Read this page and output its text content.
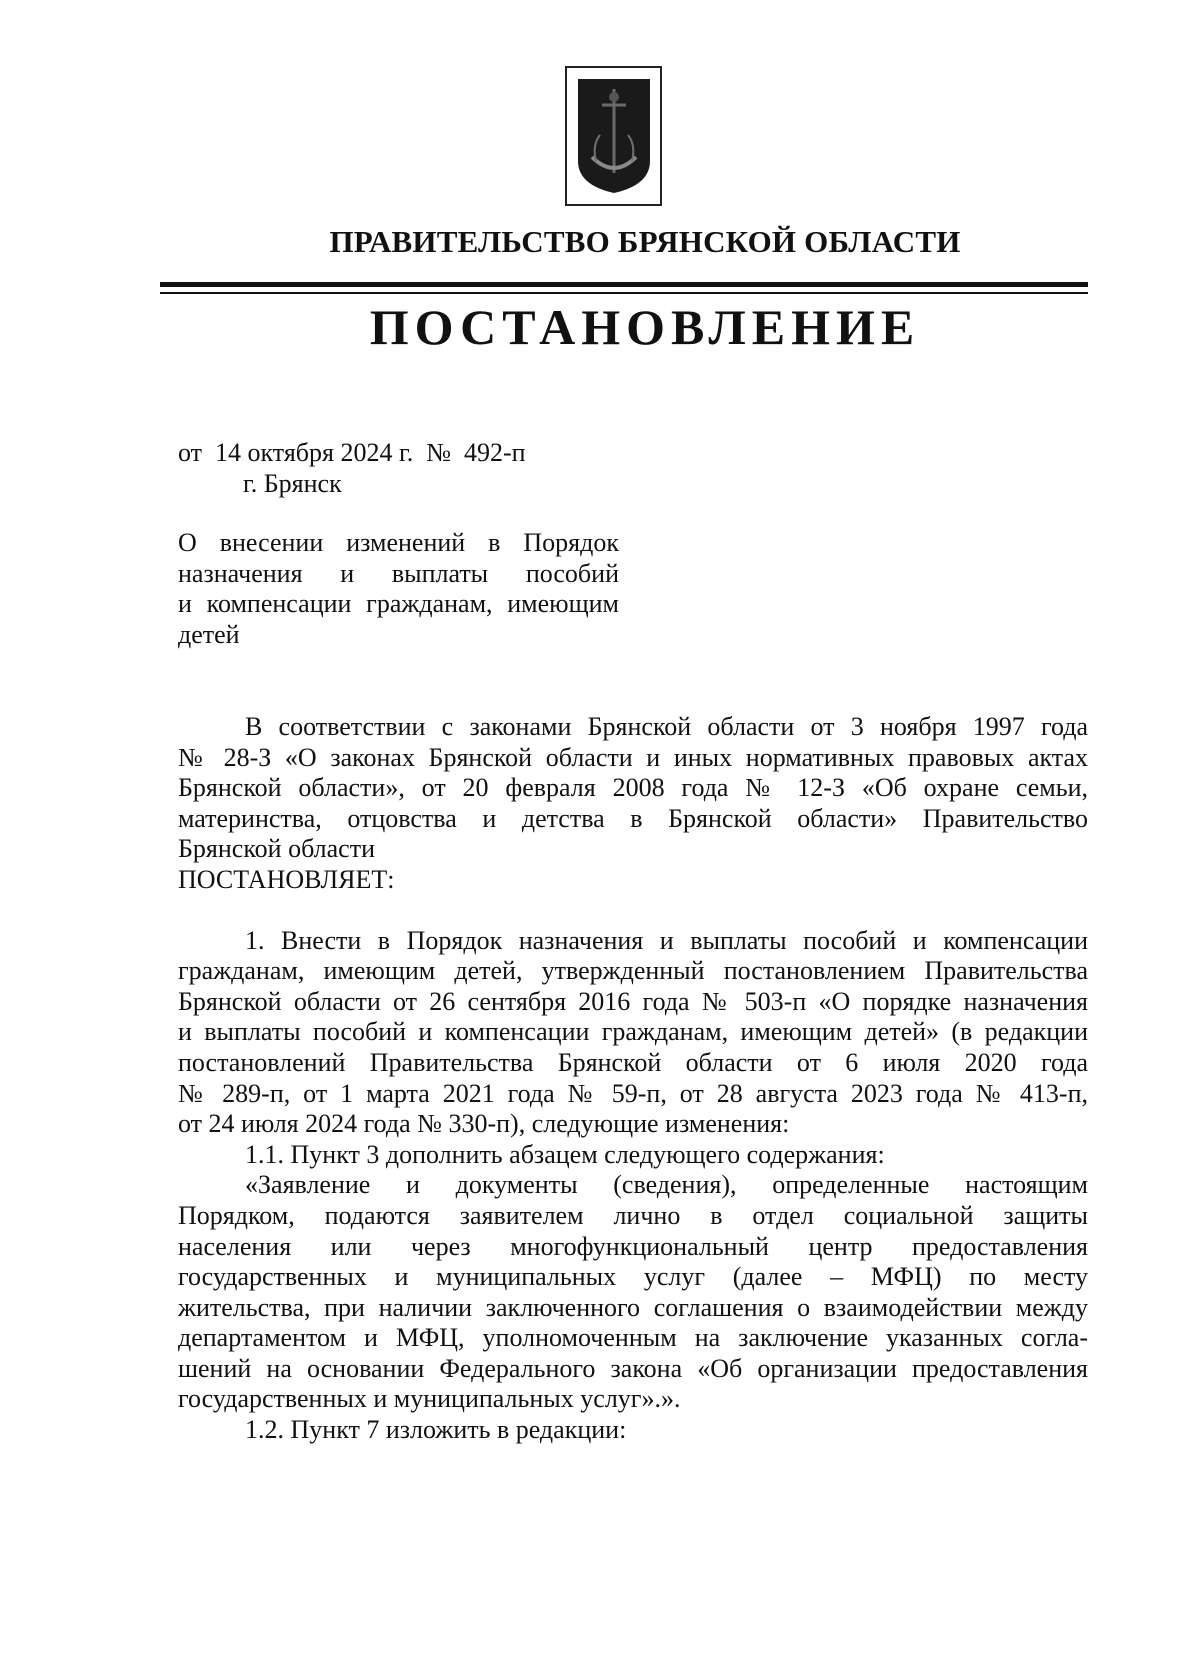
ПРАВИТЕЛЬСТВО БРЯНСКОЙ ОБЛАСТИ
ПОСТАНОВЛЕНИЕ
от  14 октября 2024 г.  №  492-п
г. Брянск
О внесении изменений в Порядок
назначения и выплаты пособий
и компенсации гражданам, имеющим
детей
В соответствии с законами Брянской области от 3 ноября 1997 года
№ 28-З «О законах Брянской области и иных нормативных правовых актах
Брянской области», от 20 февраля 2008 года № 12-З «Об охране семьи,
материнства, отцовства и детства в Брянской области» Правительство
Брянской области
ПОСТАНОВЛЯЕТ:
1. Внести в Порядок назначения и выплаты пособий и компенсации
гражданам, имеющим детей, утвержденный постановлением Правительства
Брянской области от 26 сентября 2016 года № 503-п «О порядке назначения
и выплаты пособий и компенсации гражданам, имеющим детей» (в редакции
постановлений Правительства Брянской области от 6 июля 2020 года
№ 289-п, от 1 марта 2021 года № 59-п, от 28 августа 2023 года № 413-п,
от 24 июля 2024 года № 330-п), следующие изменения:
1.1. Пункт 3 дополнить абзацем следующего содержания:
«Заявление и документы (сведения), определенные настоящим
Порядком, подаются заявителем лично в отдел социальной защиты
населения или через многофункциональный центр предоставления
государственных и муниципальных услуг (далее – МФЦ) по месту
жительства, при наличии заключенного соглашения о взаимодействии между
департаментом и МФЦ, уполномоченным на заключение указанных согла-
шений на основании Федерального закона «Об организации предоставления
государственных и муниципальных услуг».».
1.2. Пункт 7 изложить в редакции:
